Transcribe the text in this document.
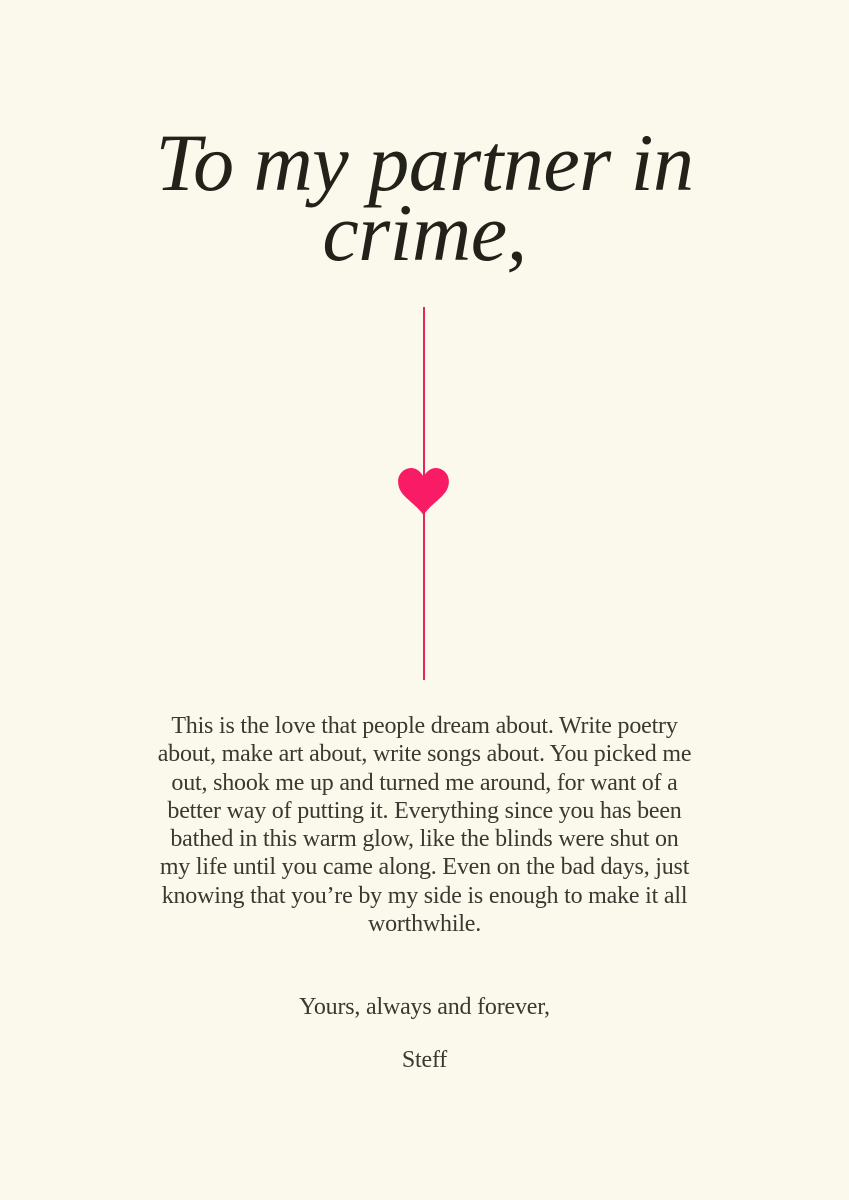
To my partner in
crime,
This is the love that people dream about. Write poetry
about, make art about, write songs about. You picked me
out, shook me up and turned me around, for want of a
better way of putting it. Everything since you has been
bathed in this warm glow, like the blinds were shut on
my life until you came along. Even on the bad days, just
knowing that you’re by my side is enough to make it all
worthwhile.
Yours, always and forever,
Steff
